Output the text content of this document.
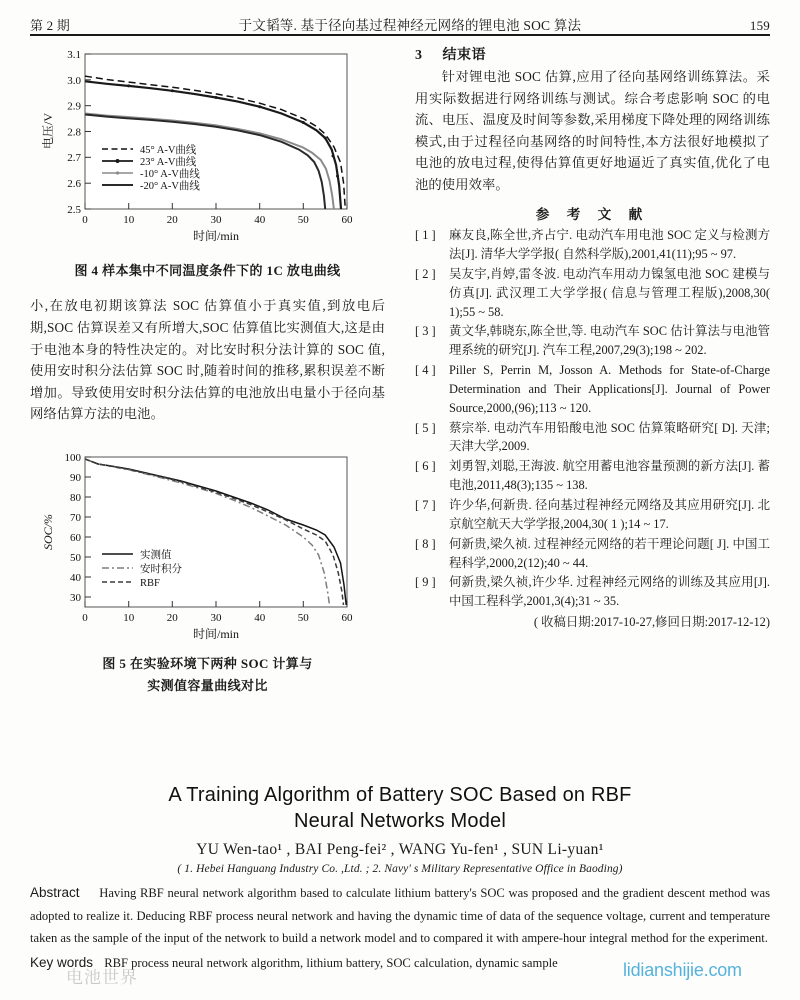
第 2 期	于文韬等. 基于径向基过程神经元网络的锂电池 SOC 算法	159
3.1
3.0
2.9
2.8
2.7
2.6
2.5
0	10	20	30	40	50	60
时间/min
电压/V
45° A-V曲线
23° A-V曲线
-10° A-V曲线
-20° A-V曲线
图 4 样本集中不同温度条件下的 1C 放电曲线

小,在放电初期该算法 SOC 估算值小于真实值,到放电后期,SOC 估算误差又有所增大,SOC 估算值比实测值大,这是由于电池本身的特性决定的。对比安时积分法计算的 SOC 值,使用安时积分法估算 SOC 时,随着时间的推移,累积误差不断增加。导致使用安时积分法估算的电池放出电量小于径向基网络估算方法的电池。

100
90
80
70
60
50
40
30
0	10	20	30	40	50	60
时间/min
SOC/%
实测值
安时积分
RBF
图 5 在实验环境下两种 SOC 计算与
实测值容量曲线对比
3 结束语

针对锂电池 SOC 估算,应用了径向基网络训练算法。采用实际数据进行网络训练与测试。综合考虑影响 SOC 的电流、电压、温度及时间等参数,采用梯度下降处理的网络训练模式,由于过程径向基网络的时间特性,本方法很好地模拟了电池的放电过程,使得估算值更好地逼近了真实值,优化了电池的使用效率。

参 考 文 献
[ 1 ]	麻友良,陈全世,齐占宁. 电动汽车用电池 SOC 定义与检测方法[J]. 清华大学学报( 自然科学版),2001,41(11);95 ~ 97.
[ 2 ]	吴友宇,肖婷,雷冬波. 电动汽车用动力镍氢电池 SOC 建模与仿真[J]. 武汉理工大学学报( 信息与管理工程版),2008,30( 1);55 ~ 58.
[ 3 ]	黄文华,韩晓东,陈全世,等. 电动汽车 SOC 估计算法与电池管理系统的研究[J]. 汽车工程,2007,29(3);198 ~ 202.
[ 4 ]	Piller S, Perrin M, Josson A. Methods for State-of-Charge Determination and Their Applications[J]. Journal of Power Source,2000,(96);113 ~ 120.
[ 5 ]	蔡宗举. 电动汽车用铅酸电池 SOC 估算策略研究[ D]. 天津;天津大学,2009.
[ 6 ]	刘勇智,刘聪,王海波. 航空用蓄电池容量预测的新方法[J]. 蓄电池,2011,48(3);135 ~ 138.
[ 7 ]	许少华,何新贵. 径向基过程神经元网络及其应用研究[J]. 北京航空航天大学学报,2004,30( 1 );14 ~ 17.
[ 8 ]	何新贵,梁久祯. 过程神经元网络的若干理论问题[ J]. 中国工程科学,2000,2(12);40 ~ 44.
[ 9 ]	何新贵,梁久祯,许少华. 过程神经元网络的训练及其应用[J]. 中国工程科学,2001,3(4);31 ~ 35.
( 收稿日期:2017-10-27,修回日期:2017-12-12)
A Training Algorithm of Battery SOC Based on RBF
Neural Networks Model
YU Wen-tao¹ , BAI Peng-fei² , WANG Yu-fen¹ , SUN Li-yuan¹
( 1. Hebei Hanguang Industry Co. ,Ltd. ; 2. Navy' s Military Representative Office in Baoding)
Abstract Having RBF neural network algorithm based to calculate lithium battery's SOC was proposed and the gradient descent method was adopted to realize it. Deducing RBF process neural network and having the dynamic time of data of the sequence voltage, current and temperature taken as the sample of the input of the network to build a network model and to compared it with ampere-hour integral method for the experiment.
Key words RBF process neural network algorithm, lithium battery, SOC calculation, dynamic sample
电池世界	lidianshijie.com
